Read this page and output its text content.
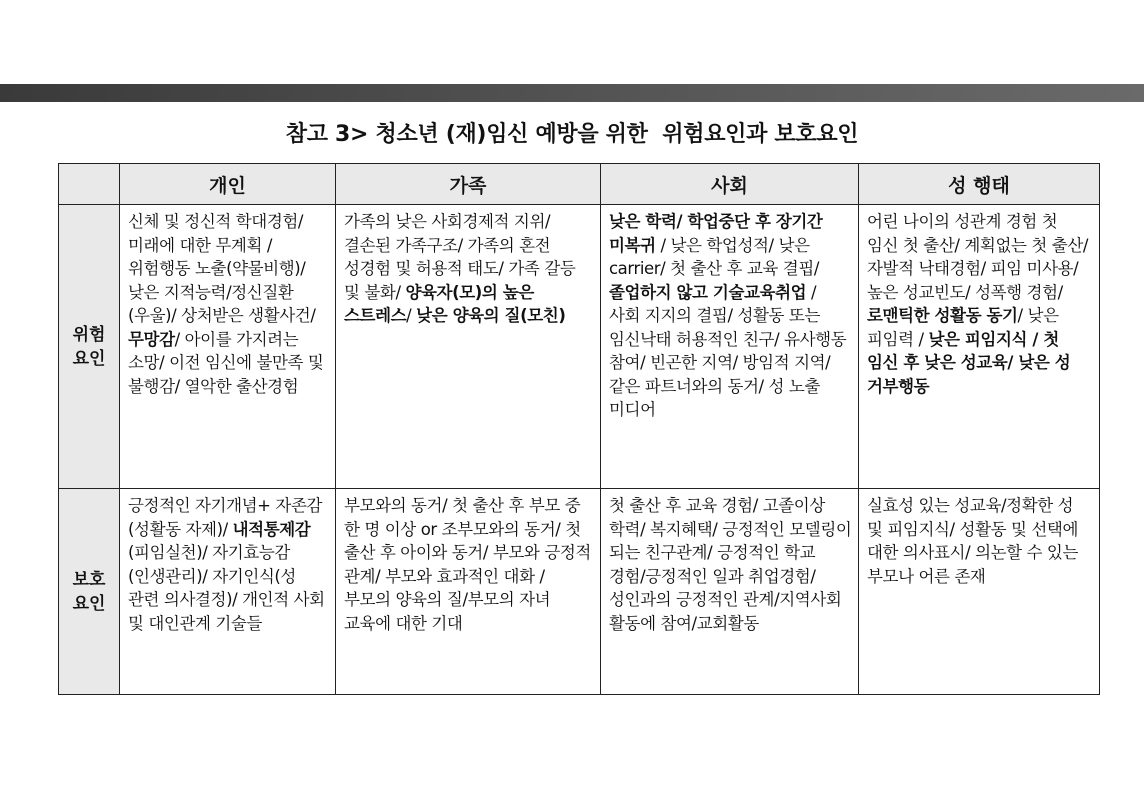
참고 3> 청소년 (재)임신 예방을 위한  위험요인과 보호요인
	개인	가족	사회	성 행태

위험
요인	신체 및 정신적 학대경험/ 미래에 대한 무계획 / 위험행동 노출(약물비행)/ 낮은 지적능력/정신질환(우울)/ 상처받은 생활사건/ 무망감/ 아이를 가지려는 소망/ 이전 임신에 불만족 및 불행감/ 열악한 출산경험	가족의 낮은 사회경제적 지위/ 결손된 가족구조/ 가족의 혼전 성경험 및 허용적 태도/ 가족 갈등 및 불화/ 양육자(모)의 높은 스트레스/ 낮은 양육의 질(모친)	낮은 학력/ 학업중단 후 장기간 미복귀 / 낮은 학업성적/ 낮은 carrier/ 첫 출산 후 교육 결핍/ 졸업하지 않고 기술교육취업 / 사회 지지의 결핍/ 성활동 또는 임신낙태 허용적인 친구/ 유사행동 참여/ 빈곤한 지역/ 방임적 지역/ 같은 파트너와의 동거/ 성 노출 미디어	어린 나이의 성관계 경험 첫 임신 첫 출산/ 계획없는 첫 출산/ 자발적 낙태경험/ 피임 미사용/ 높은 성교빈도/ 성폭행 경험/ 로맨틱한 성활동 동기/ 낮은 피임력 / 낮은 피임지식 / 첫 임신 후 낮은 성교육/ 낮은 성 거부행동

보호
요인	긍정적인 자기개념+ 자존감(성활동 자제)/ 내적통제감(피임실천)/ 자기효능감(인생관리)/ 자기인식(성 관련 의사결정)/ 개인적 사회 및 대인관계 기술들	부모와의 동거/ 첫 출산 후 부모 중 한 명 이상 or 조부모와의 동거/ 첫 출산 후 아이와 동거/ 부모와 긍정적 관계/ 부모와 효과적인 대화 / 부모의 양육의 질/부모의 자녀 교육에 대한 기대	첫 출산 후 교육 경험/ 고졸이상 학력/ 복지혜택/ 긍정적인 모델링이 되는 친구관계/ 긍정적인 학교 경험/긍정적인 일과 취업경험/성인과의 긍정적인 관계/지역사회 활동에 참여/교회활동	실효성 있는 성교육/정확한 성 및 피임지식/ 성활동 및 선택에 대한 의사표시/ 의논할 수 있는 부모나 어른 존재
